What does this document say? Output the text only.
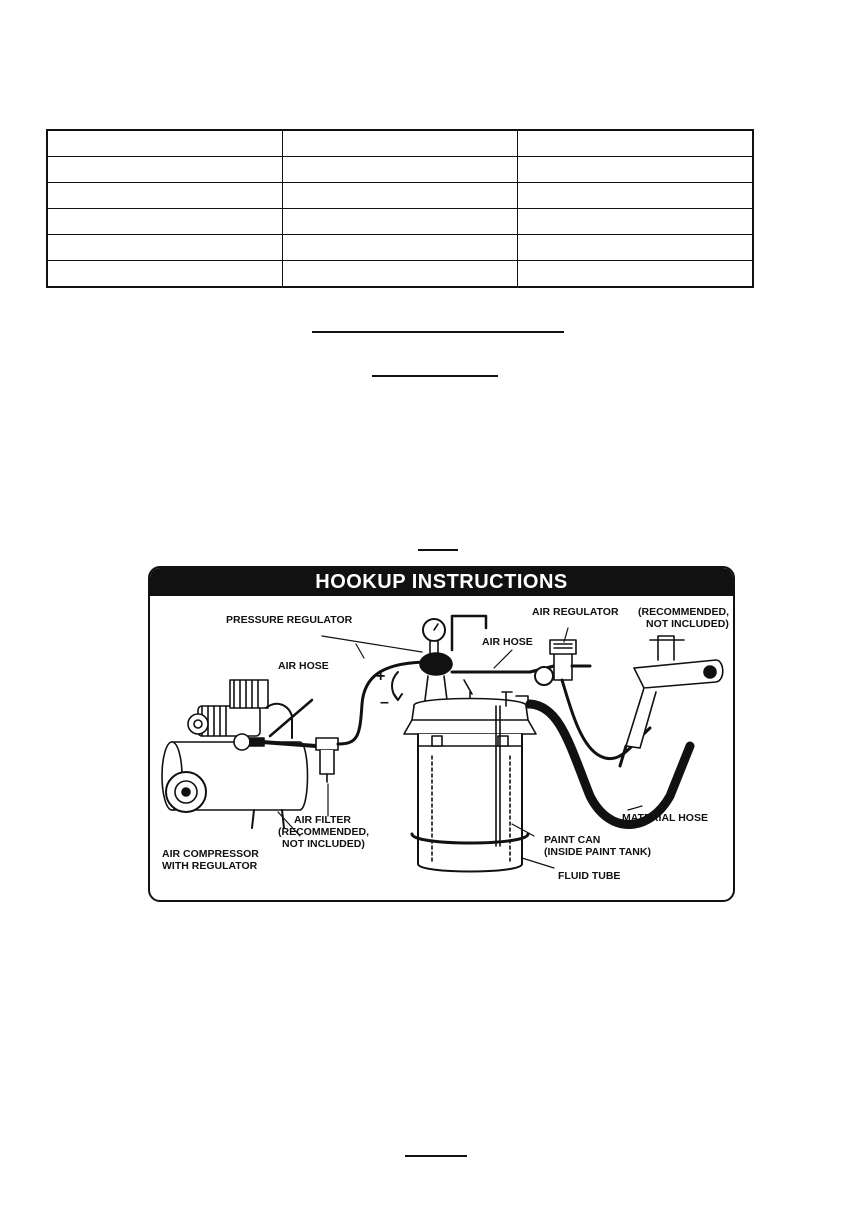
HOOKUP INSTRUCTIONS
PRESSURE REGULATOR
AIR HOSE
AIR HOSE
AIR REGULATOR (RECOMMENDED,
NOT INCLUDED)
AIR FILTER
(RECOMMENDED,
NOT INCLUDED)
AIR COMPRESSOR
WITH REGULATOR
MATERIAL HOSE
PAINT CAN
(INSIDE PAINT TANK)
FLUID TUBE
+
–
